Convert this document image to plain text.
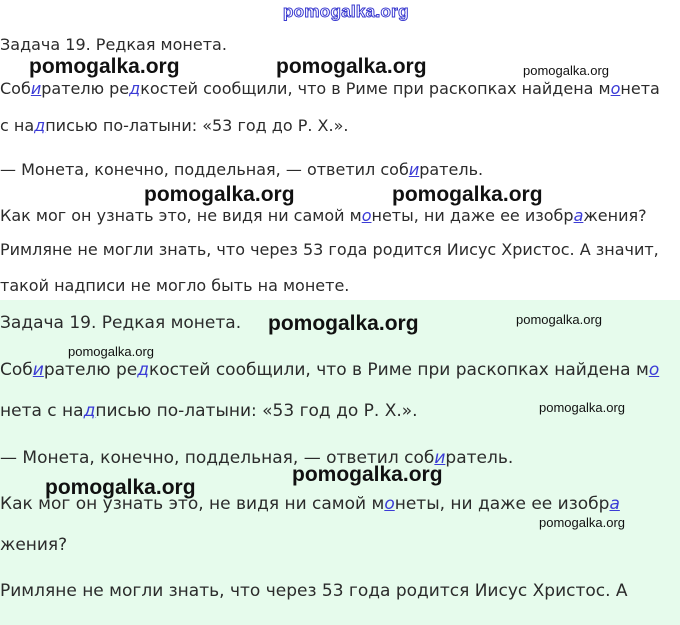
pomogalka.org
Задача 19. Редкая монета.
Собирателю редкостей сообщили, что в Риме при раскопках найдена монета
с надписью по-латыни: «53 год до Р. Х.».
— Монета, конечно, поддельная, — ответил собиратель.
Как мог он узнать это, не видя ни самой монеты, ни даже ее изображения?
Римляне не могли знать, что через 53 года родится Иисус Христос. А значит,
такой надписи не могло быть на монете.
Задача 19. Редкая монета.
Собирателю редкостей сообщили, что в Риме при раскопках найдена мо
нета с надписью по-латыни: «53 год до Р. Х.».
— Монета, конечно, поддельная, — ответил собиратель.
Как мог он узнать это, не видя ни самой монеты, ни даже ее изобра
жения?
Римляне не могли знать, что через 53 года родится Иисус Христос. А
pomogalka.org	pomogalka.org	pomogalka.org
pomogalka.org	pomogalka.org
pomogalka.org	pomogalka.org
pomogalka.org
pomogalka.org
pomogalka.org
pomogalka.org
pomogalka.org
